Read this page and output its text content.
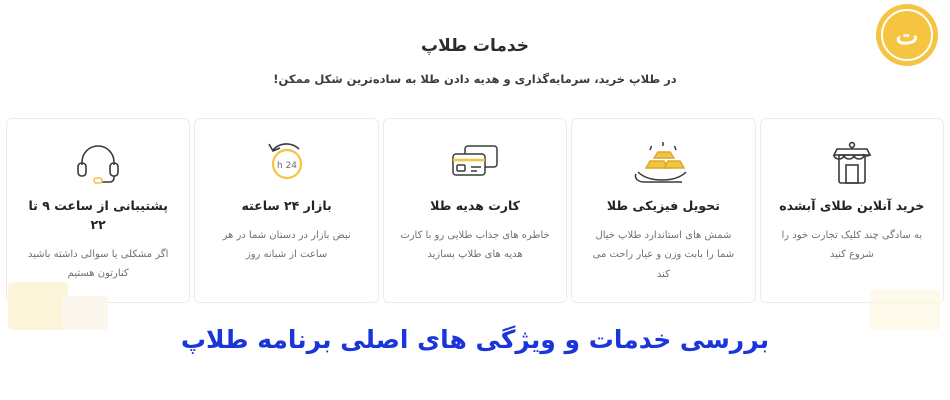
ت
خدمات طلاپ

در طلاپ خرید، سرمایه‌گذاری و هدیه دادن طلا به ساده‌ترین شکل ممکن!

خرید آنلاین طلای آبشده
به سادگی چند کلیک تجارت خود را شروع کنید
تحویل فیزیکی طلا
شمش های استاندارد طلاپ خیال شما را بابت وزن و عیار راحت می کند
کارت هدیه طلا
خاطره های جذاب طلایی رو با کارت هدیه های طلاپ بسازید
24 h
بازار ۲۴ ساعته
نبض بازار در دستان شما در هر ساعت از شبانه روز
پشتیبانی از ساعت ۹ تا ۲۲
اگر مشکلی یا سوالی داشته باشید کنارتون هستیم
بررسی خدمات و ویژگی های اصلی برنامه طلاپ
